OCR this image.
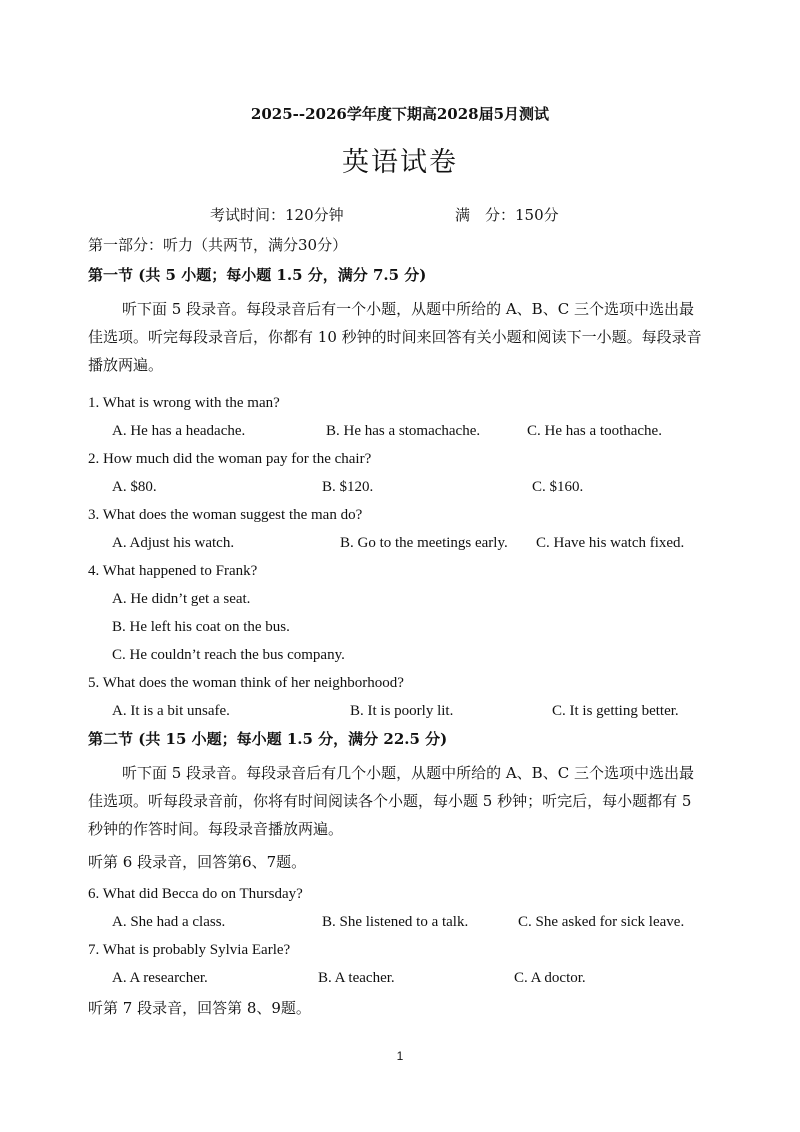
2025--2026学年度下期高2028届5月测试
英语试卷
考试时间：120分钟	满　分：150分
第一部分：听力（共两节，满分30分）
第一节 (共 5 小题；每小题 1.5 分，满分 7.5 分)
听下面 5 段录音。每段录音后有一个小题，从题中所给的 A、B、C 三个选项中选出最佳选项。听完每段录音后，你都有 10 秒钟的时间来回答有关小题和阅读下一小题。每段录音播放两遍。
1. What is wrong with the man?
A. He has a headache.	B. He has a stomachache.	C. He has a toothache.
2. How much did the woman pay for the chair?
A. $80.	B. $120.	C. $160.
3. What does the woman suggest the man do?
A. Adjust his watch.	B. Go to the meetings early. C. Have his watch fixed.
4. What happened to Frank?
A. He didn’t get a seat.
B. He left his coat on the bus.
C. He couldn’t reach the bus company.
5. What does the woman think of her neighborhood?
A. It is a bit unsafe.	B. It is poorly lit.	C. It is getting better.
第二节 (共 15 小题；每小题 1.5 分，满分 22.5 分)
听下面 5 段录音。每段录音后有几个小题，从题中所给的 A、B、C 三个选项中选出最佳选项。听每段录音前，你将有时间阅读各个小题，每小题 5 秒钟；听完后，每小题都有 5 秒钟的作答时间。每段录音播放两遍。
听第 6 段录音，回答第6、7题。
6. What did Becca do on Thursday?
A. She had a class.	B. She listened to a talk.	C. She asked for sick leave.
7. What is probably Sylvia Earle?
A. A researcher.	B. A teacher.	C. A doctor.
听第 7 段录音，回答第 8、9题。
1
